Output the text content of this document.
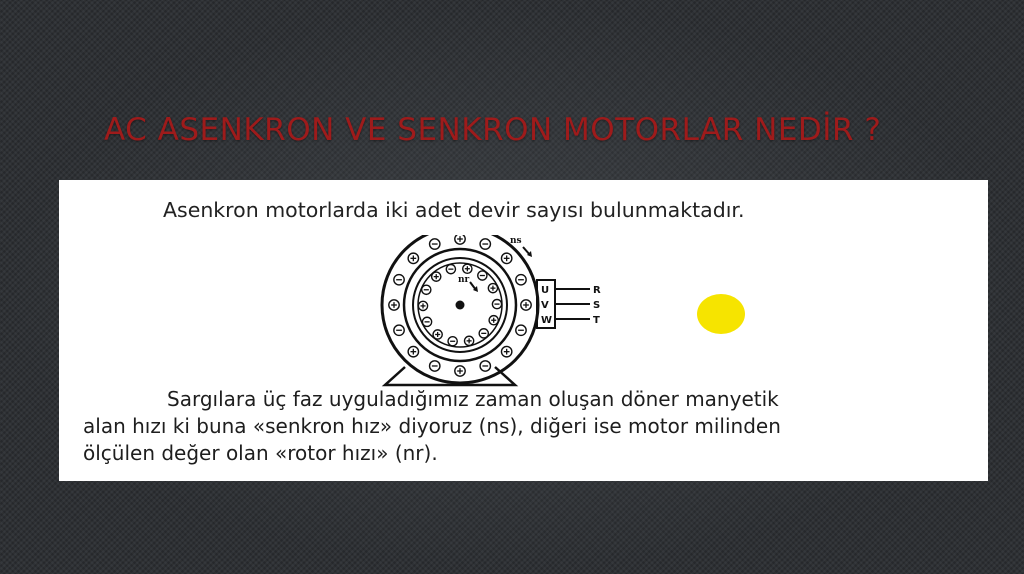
AC ASENKRON VE SENKRON MOTORLAR NEDİR ?
Asenkron motorlarda iki adet devir sayısı bulunmaktadır.
U
V
W
R
S
T
ns
nr
Sargılara üç faz uyguladığımız zaman oluşan döner manyetik
alan hızı ki buna «senkron hız» diyoruz (ns), diğeri ise motor milinden
ölçülen değer olan «rotor hızı» (nr).
